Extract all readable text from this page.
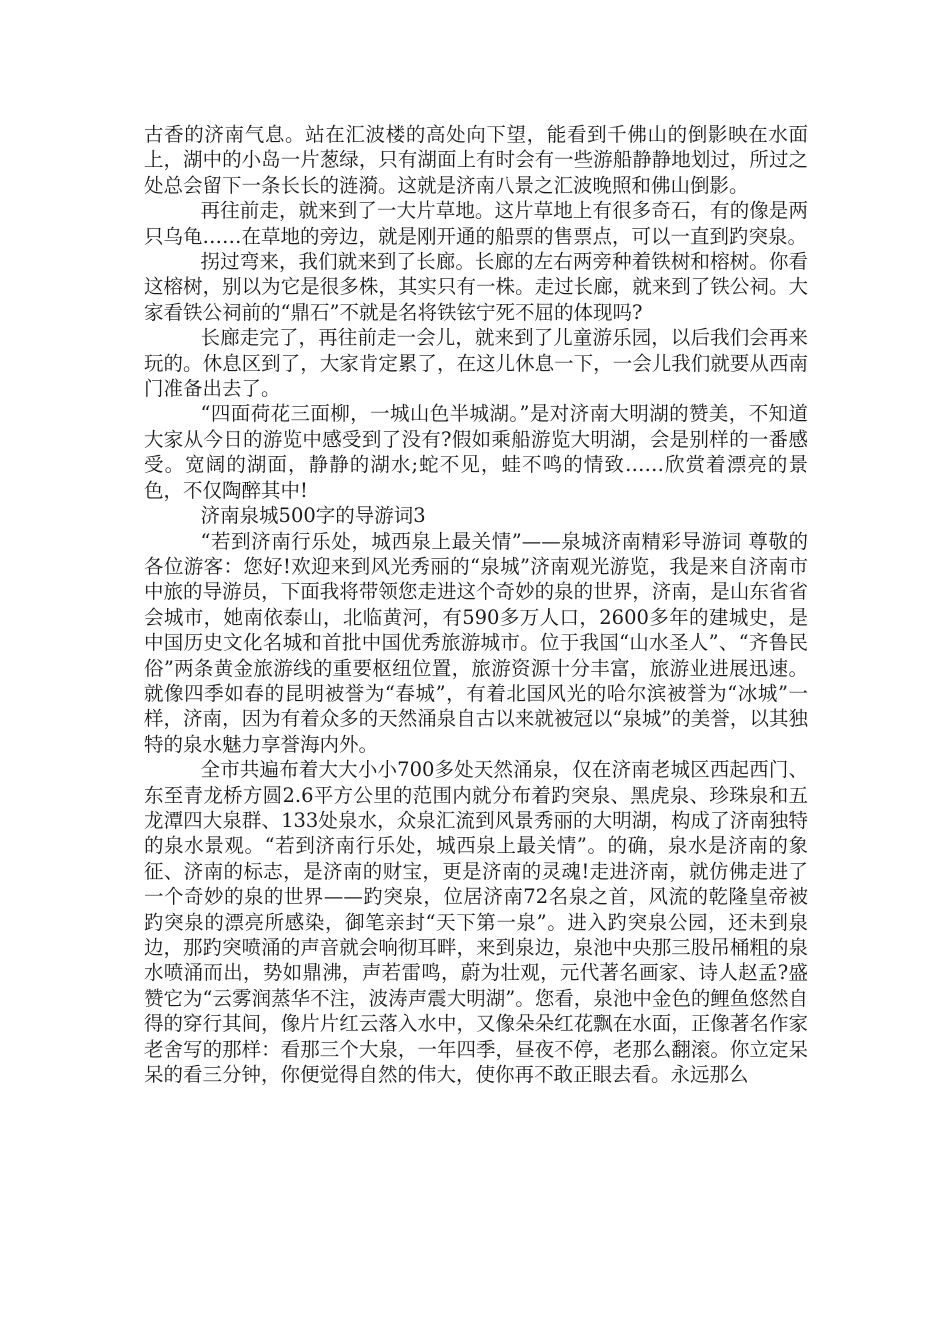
古香的济南气息。站在汇波楼的高处向下望，能看到千佛山的倒影映在水面上，湖中的小岛一片葱绿，只有湖面上有时会有一些游船静静地划过，所过之处总会留下一条长长的涟漪。这就是济南八景之汇波晚照和佛山倒影。

再往前走，就来到了一大片草地。这片草地上有很多奇石，有的像是两只乌龟……在草地的旁边，就是刚开通的船票的售票点，可以一直到趵突泉。

拐过弯来，我们就来到了长廊。长廊的左右两旁种着铁树和榕树。你看这榕树，别以为它是很多株，其实只有一株。走过长廊，就来到了铁公祠。大家看铁公祠前的“鼎石”不就是名将铁铉宁死不屈的体现吗?

长廊走完了，再往前走一会儿，就来到了儿童游乐园，以后我们会再来玩的。休息区到了，大家肯定累了，在这儿休息一下，一会儿我们就要从西南门准备出去了。

“四面荷花三面柳，一城山色半城湖。”是对济南大明湖的赞美，不知道大家从今日的游览中感受到了没有?假如乘船游览大明湖，会是别样的一番感受。宽阔的湖面，静静的湖水;蛇不见，蛙不鸣的情致……欣赏着漂亮的景色，不仅陶醉其中!

济南泉城500字的导游词3

“若到济南行乐处，城西泉上最关情”——泉城济南精彩导游词 尊敬的各位游客：您好!欢迎来到风光秀丽的“泉城”济南观光游览，我是来自济南市中旅的导游员，下面我将带领您走进这个奇妙的泉的世界，济南，是山东省省会城市，她南依泰山，北临黄河，有590多万人口，2600多年的建城史，是中国历史文化名城和首批中国优秀旅游城市。位于我国“山水圣人”、“齐鲁民俗”两条黄金旅游线的重要枢纽位置，旅游资源十分丰富，旅游业进展迅速。就像四季如春的昆明被誉为“春城”，有着北国风光的哈尔滨被誉为“冰城”一样，济南，因为有着众多的天然涌泉自古以来就被冠以“泉城”的美誉，以其独特的泉水魅力享誉海内外。

全市共遍布着大大小小700多处天然涌泉，仅在济南老城区西起西门、东至青龙桥方圆2.6平方公里的范围内就分布着趵突泉、黑虎泉、珍珠泉和五龙潭四大泉群、133处泉水，众泉汇流到风景秀丽的大明湖，构成了济南独特的泉水景观。“若到济南行乐处，城西泉上最关情”。的确，泉水是济南的象征、济南的标志，是济南的财宝，更是济南的灵魂!走进济南，就仿佛走进了一个奇妙的泉的世界——趵突泉，位居济南72名泉之首，风流的乾隆皇帝被趵突泉的漂亮所感染，御笔亲封“天下第一泉”。进入趵突泉公园，还未到泉边，那趵突喷涌的声音就会响彻耳畔，来到泉边，泉池中央那三股吊桶粗的泉水喷涌而出，势如鼎沸，声若雷鸣，蔚为壮观，元代著名画家、诗人赵孟?盛赞它为“云雾润蒸华不注，波涛声震大明湖”。您看，泉池中金色的鲤鱼悠然自得的穿行其间，像片片红云落入水中，又像朵朵红花飘在水面，正像著名作家老舍写的那样：看那三个大泉，一年四季，昼夜不停，老那么翻滚。你立定呆呆的看三分钟，你便觉得自然的伟大，使你再不敢正眼去看。永远那么
